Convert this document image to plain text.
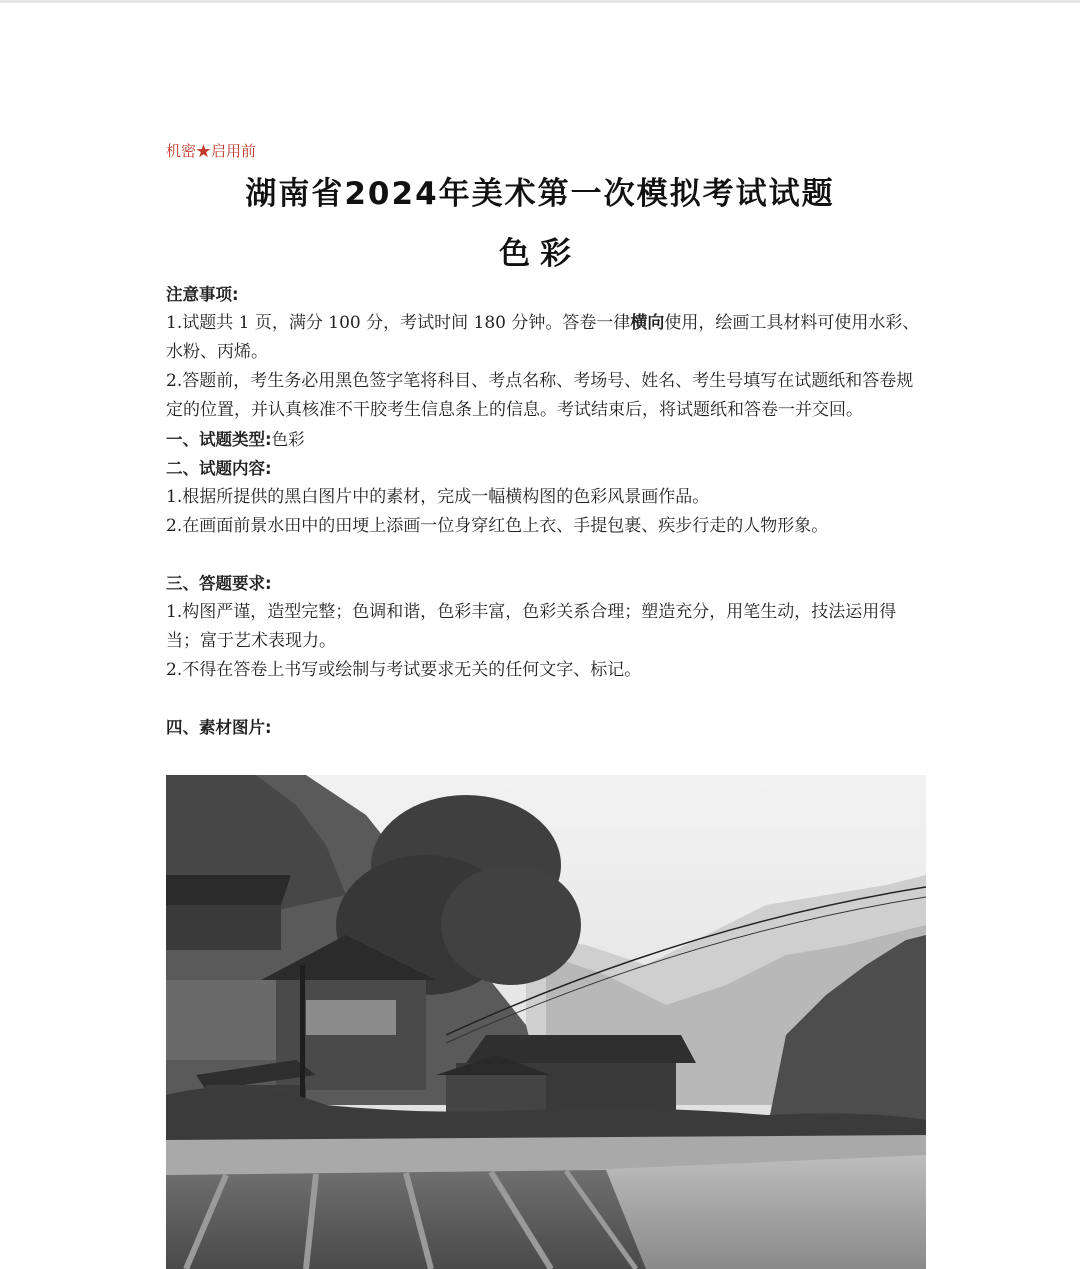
机密★启用前
湖南省2024年美术第一次模拟考试试题
色彩

注意事项:

1.试题共 1 页，满分 100 分，考试时间 180 分钟。答卷一律横向使用，绘画工具材料可使用水彩、水粉、丙烯。

2.答题前，考生务必用黑色签字笔将科目、考点名称、考场号、姓名、考生号填写在试题纸和答卷规定的位置，并认真核准不干胶考生信息条上的信息。考试结束后，将试题纸和答卷一并交回。

一、试题类型:色彩

二、试题内容:

1.根据所提供的黑白图片中的素材，完成一幅横构图的色彩风景画作品。

2.在画面前景水田中的田埂上添画一位身穿红色上衣、手提包裹、疾步行走的人物形象。

三、答题要求:

1.构图严谨，造型完整；色调和谐，色彩丰富，色彩关系合理；塑造充分，用笔生动，技法运用得当；富于艺术表现力。

2.不得在答卷上书写或绘制与考试要求无关的任何文字、标记。

四、素材图片:
